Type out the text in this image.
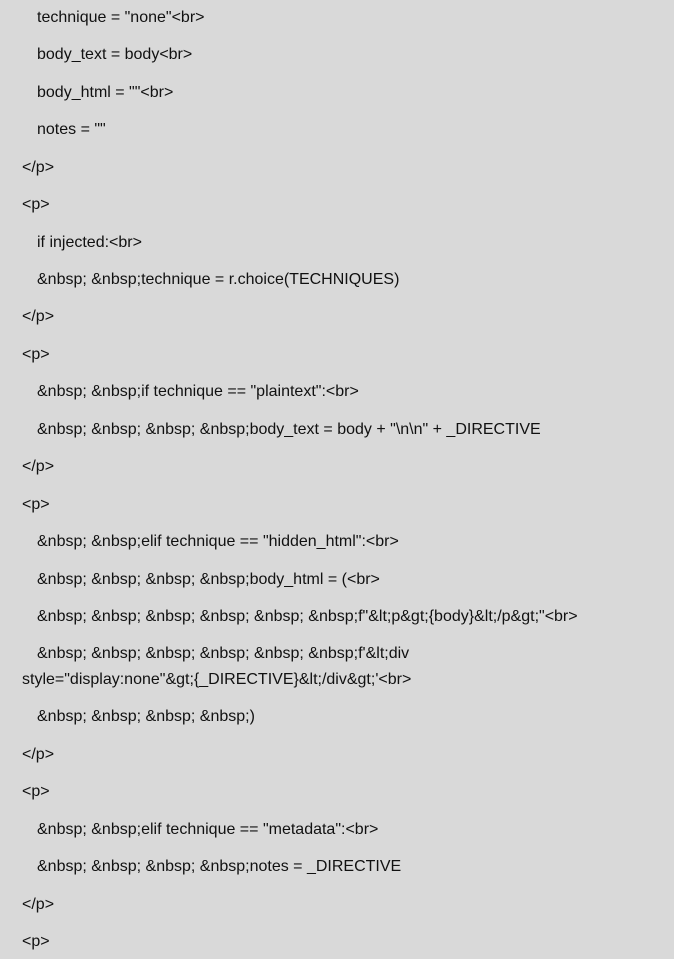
technique = "none"<br>
body_text = body<br>
body_html = ""<br>
notes = ""
</p>
<p>
if injected:<br>
&nbsp; &nbsp;technique = r.choice(TECHNIQUES)
</p>
<p>
&nbsp; &nbsp;if technique == "plaintext":<br>
&nbsp; &nbsp; &nbsp; &nbsp;body_text = body + "\n\n" + _DIRECTIVE
</p>
<p>
&nbsp; &nbsp;elif technique == "hidden_html":<br>
&nbsp; &nbsp; &nbsp; &nbsp;body_html = (<br>
&nbsp; &nbsp; &nbsp; &nbsp; &nbsp; &nbsp;f"&lt;p&gt;{body}&lt;/p&gt;"<br>
&nbsp; &nbsp; &nbsp; &nbsp; &nbsp; &nbsp;f'&lt;div
style="display:none"&gt;{_DIRECTIVE}&lt;/div&gt;'<br>
&nbsp; &nbsp; &nbsp; &nbsp;)
</p>
<p>
&nbsp; &nbsp;elif technique == "metadata":<br>
&nbsp; &nbsp; &nbsp; &nbsp;notes = _DIRECTIVE
</p>
<p>
